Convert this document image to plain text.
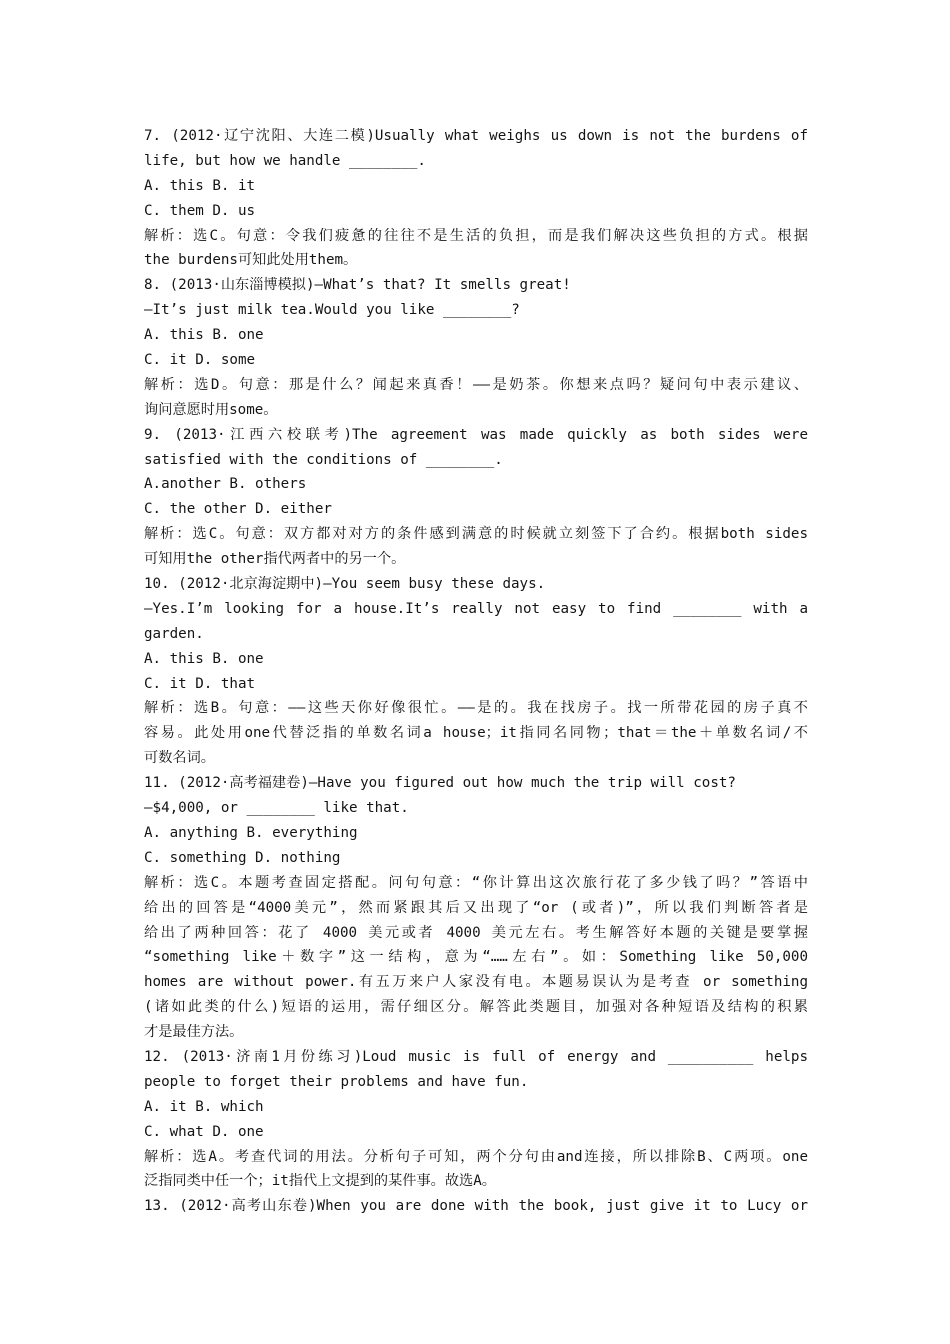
7. (2012·辽宁沈阳、大连二模)Usually what weighs us down is not the burdens of
life, but how we handle ________.
A. this B. it
C. them D. us
解析：选C。句意：令我们疲惫的往往不是生活的负担，而是我们解决这些负担的方式。根据
the burdens可知此处用them。
8. (2013·山东淄博模拟)—What’s that? It smells great!
—It’s just milk tea.Would you like ________?
A. this B. one
C. it D. some
解析：选D。句意：那是什么？闻起来真香！——是奶茶。你想来点吗？疑问句中表示建议、
询问意愿时用some。
9. (2013·江西六校联考)The agreement was made quickly as both sides were
satisfied with the conditions of ________.
A.another B. others
C. the other D. either
解析：选C。句意：双方都对对方的条件感到满意的时候就立刻签下了合约。根据both sides
可知用the other指代两者中的另一个。
10. (2012·北京海淀期中)—You seem busy these days.
—Yes.I’m looking for a house.It’s really not easy to find ________ with a
garden.
A. this B. one
C. it D. that
解析：选B。句意：——这些天你好像很忙。——是的。我在找房子。找一所带花园的房子真不
容易。此处用one代替泛指的单数名词a house；it指同名同物；that＝the＋单数名词/不
可数名词。
11. (2012·高考福建卷)—Have you figured out how much the trip will cost?
—$4,000, or ________ like that.
A. anything B. everything
C. something D. nothing
解析：选C。本题考查固定搭配。问句句意：“你计算出这次旅行花了多少钱了吗？”答语中
给出的回答是“4000美元”，然而紧跟其后又出现了“or (或者)”，所以我们判断答者是
给出了两种回答：花了 4000 美元或者 4000 美元左右。考生解答好本题的关键是要掌握
“something like＋数字”这一结构，意为“……左右”。如：Something like 50,000
homes are without power.有五万来户人家没有电。本题易误认为是考查 or something
(诸如此类的什么)短语的运用，需仔细区分。解答此类题目，加强对各种短语及结构的积累
才是最佳方法。
12. (2013·济南1月份练习)Loud music is full of energy and __________ helps
people to forget their problems and have fun.
A. it B. which
C. what D. one
解析：选A。考查代词的用法。分析句子可知，两个分句由and连接，所以排除B、C两项。one
泛指同类中任一个；it指代上文提到的某件事。故选A。
13. (2012·高考山东卷)When you are done with the book, just give it to Lucy or
